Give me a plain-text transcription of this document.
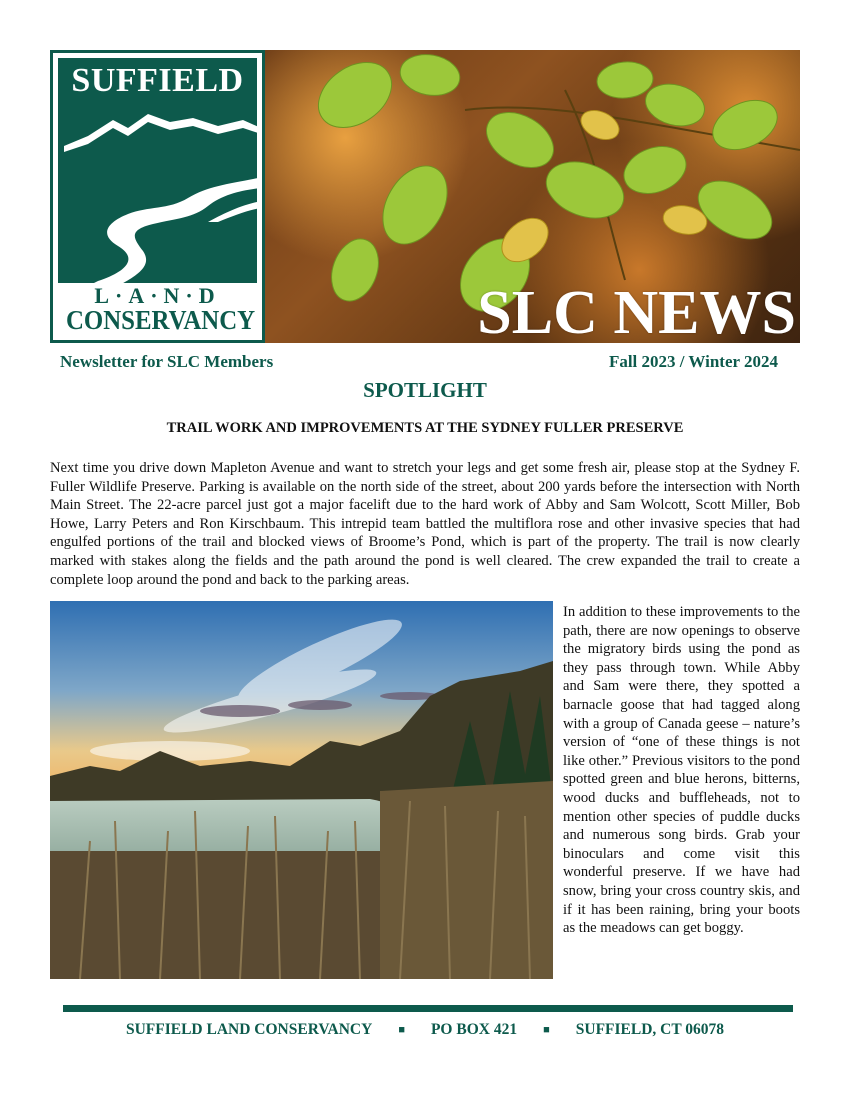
SUFFIELD
L·A·N·D
CONSERVANCY	SLC NEWS
Newsletter for SLC Members	Fall 2023 / Winter 2024
SPOTLIGHT
TRAIL WORK AND IMPROVEMENTS AT THE SYDNEY FULLER PRESERVE

Next time you drive down Mapleton Avenue and want to stretch your legs and get some fresh air, please stop at the Sydney F. Fuller Wildlife Preserve. Parking is available on the north side of the street, about 200 yards before the intersection with North Main Street. The 22-acre parcel just got a major facelift due to the hard work of Abby and Sam Wolcott, Scott Miller, Bob Howe, Larry Peters and Ron Kirschbaum. This intrepid team battled the multiflora rose and other invasive species that had engulfed portions of the trail and blocked views of Broome’s Pond, which is part of the property. The trail is now clearly marked with stakes along the fields and the path around the pond is well cleared. The crew expanded the trail to create a complete loop around the pond and back to the parking areas.

In addition to these improvements to the path, there are now openings to observe the migratory birds using the pond as they pass through town. While Abby and Sam were there, they spotted a barnacle goose that had tagged along with a group of Canada geese – nature’s version of “one of these things is not like other.” Previous visitors to the pond spotted green and blue herons, bitterns, wood ducks and buffleheads, not to mention other species of puddle ducks and numerous song birds. Grab your binoculars and come visit this wonderful preserve. If we have had snow, bring your cross country skis, and if it has been raining, bring your boots as the meadows can get boggy.

SUFFIELD LAND CONSERVANCY ■ PO BOX 421 ■ SUFFIELD, CT 06078
